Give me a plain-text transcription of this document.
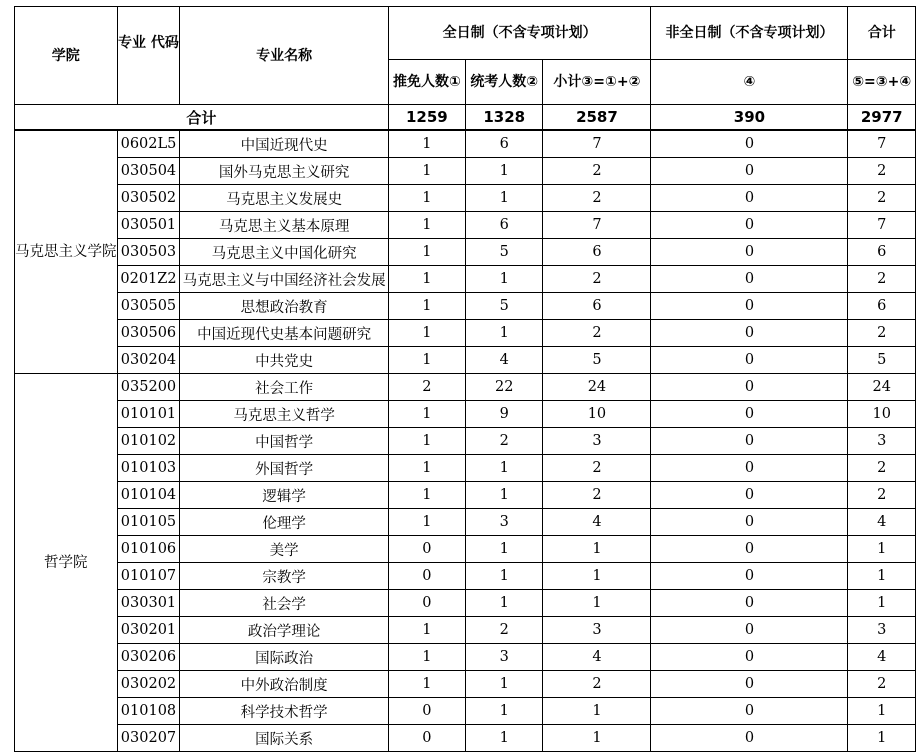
学院	专业 代码	专业名称	全日制（不含专项计划）			非全日制（不含专项计划）	合计
			推免人数①	统考人数②	小计③=①+②	④	⑤=③+④
合计			1259	1328	2587	390	2977
马克思主义学院	0602L5	中国近现代史	1	6	7	0	7
	030504	国外马克思主义研究	1	1	2	0	2
	030502	马克思主义发展史	1	1	2	0	2
	030501	马克思主义基本原理	1	6	7	0	7
	030503	马克思主义中国化研究	1	5	6	0	6
	0201Z2	马克思主义与中国经济社会发展	1	1	2	0	2
	030505	思想政治教育	1	5	6	0	6
	030506	中国近现代史基本问题研究	1	1	2	0	2
	030204	中共党史	1	4	5	0	5
哲学院	035200	社会工作	2	22	24	0	24
	010101	马克思主义哲学	1	9	10	0	10
	010102	中国哲学	1	2	3	0	3
	010103	外国哲学	1	1	2	0	2
	010104	逻辑学	1	1	2	0	2
	010105	伦理学	1	3	4	0	4
	010106	美学	0	1	1	0	1
	010107	宗教学	0	1	1	0	1
	030301	社会学	0	1	1	0	1
	030201	政治学理论	1	2	3	0	3
	030206	国际政治	1	3	4	0	4
	030202	中外政治制度	1	1	2	0	2
	010108	科学技术哲学	0	1	1	0	1
	030207	国际关系	0	1	1	0	1
